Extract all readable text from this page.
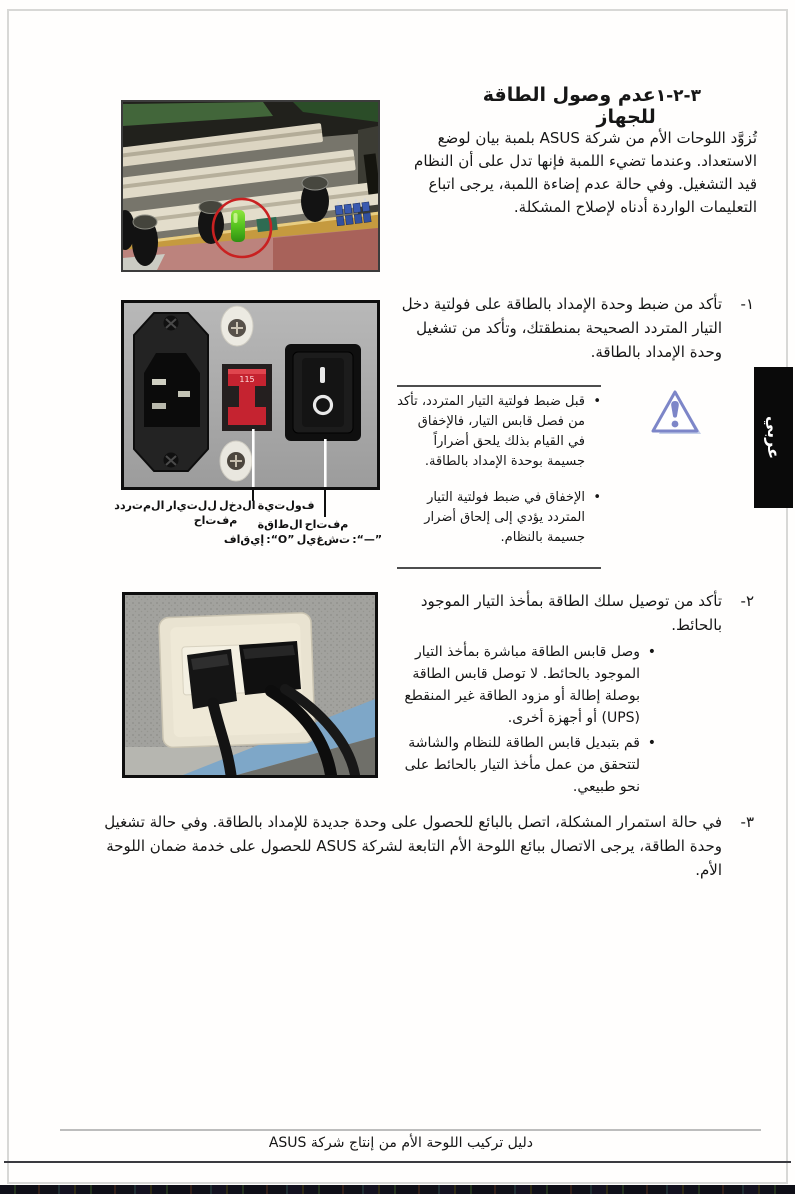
٣-٢-١
عدم وصول الطاقة للجهاز
تُزوَّد اللوحات الأم من شركة ASUS بلمبة بيان لوضع الاستعداد. وعندما تضيء اللمبة فإنها تدل على أن النظام قيد التشغيل. وفي حالة عدم إضاءة اللمبة، يرجى اتباع التعليمات الواردة أدناه لإصلاح المشكلة.
١-
تأكد من ضبط وحدة الإمداد بالطاقة على فولتية دخل التيار المتردد الصحيحة بمنطقتك، وتأكد من تشغيل وحدة الإمداد بالطاقة.
115
د‌د‌ر‌ت‌م‌ل‌ا ر‌ا‌ي‌ت‌ل‌ل ل‌خ‌د‌ل‌ا ة‌ي‌ت‌ل‌و‌ف ح‌ا‌ت‌ف‌م	ة‌ق‌ا‌ط‌ل‌ا ح‌ا‌ت‌ف‌م
ف‌ا‌ق‌ي‌إ :“O” ل‌ي‌غ‌ش‌ت :“—”
•
قبل ضبط فولتية التيار المتردد، تأكد من فصل قابس التيار، فالإخفاق في القيام بذلك يلحق أضراراً جسيمة بوحدة الإمداد بالطاقة.
•
الإخفاق في ضبط فولتية التيار المتردد يؤدي إلى إلحاق أضرار جسيمة بالنظام.
٢-
تأكد من توصيل سلك الطاقة بمأخذ التيار الموجود بالحائط.
•
وصل قابس الطاقة مباشرة بمأخذ التيار الموجود بالحائط. لا توصل قابس الطاقة بوصلة إطالة أو مزود الطاقة غير المنقطع (UPS) أو أجهزة أخرى.
•
قم بتبديل قابس الطاقة للنظام والشاشة لتتحقق من عمل مأخذ التيار بالحائط على نحو طبيعي.
٣-
في حالة استمرار المشكلة، اتصل بالبائع للحصول على وحدة جديدة للإمداد بالطاقة. وفي حالة تشغيل وحدة الطاقة، يرجى الاتصال ببائع اللوحة الأم التابعة لشركة ASUS للحصول على خدمة ضمان اللوحة الأم.
عربي
دليل تركيب اللوحة الأم من إنتاج شركة ASUS
